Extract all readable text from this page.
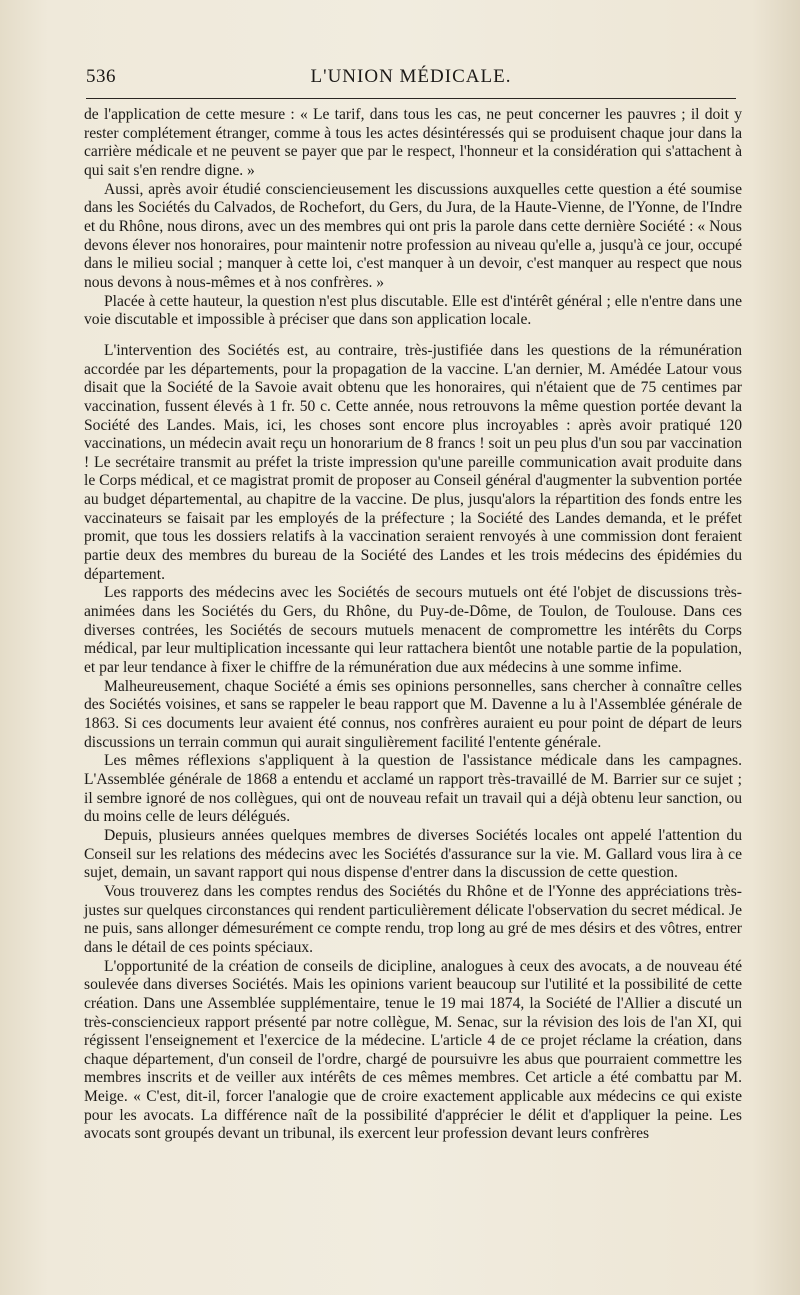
536	L'UNION MÉDICALE.

de l'application de cette mesure : « Le tarif, dans tous les cas, ne peut concerner les pauvres ; il doit y rester complétement étranger, comme à tous les actes désintéressés qui se produisent chaque jour dans la carrière médicale et ne peuvent se payer que par le respect, l'honneur et la considération qui s'attachent à qui sait s'en rendre digne. »

Aussi, après avoir étudié consciencieusement les discussions auxquelles cette question a été soumise dans les Sociétés du Calvados, de Rochefort, du Gers, du Jura, de la Haute-Vienne, de l'Yonne, de l'Indre et du Rhône, nous dirons, avec un des membres qui ont pris la parole dans cette dernière Société : « Nous devons élever nos honoraires, pour maintenir notre profession au niveau qu'elle a, jusqu'à ce jour, occupé dans le milieu social ; manquer à cette loi, c'est manquer à un devoir, c'est manquer au respect que nous nous devons à nous-mêmes et à nos confrères. »

Placée à cette hauteur, la question n'est plus discutable. Elle est d'intérêt général ; elle n'entre dans une voie discutable et impossible à préciser que dans son application locale.

L'intervention des Sociétés est, au contraire, très-justifiée dans les questions de la rémunération accordée par les départements, pour la propagation de la vaccine. L'an dernier, M. Amédée Latour vous disait que la Société de la Savoie avait obtenu que les honoraires, qui n'étaient que de 75 centimes par vaccination, fussent élevés à 1 fr. 50 c. Cette année, nous retrouvons la même question portée devant la Société des Landes. Mais, ici, les choses sont encore plus incroyables : après avoir pratiqué 120 vaccinations, un médecin avait reçu un honorarium de 8 francs ! soit un peu plus d'un sou par vaccination ! Le secrétaire transmit au préfet la triste impression qu'une pareille communication avait produite dans le Corps médical, et ce magistrat promit de proposer au Conseil général d'augmenter la subvention portée au budget départemental, au chapitre de la vaccine. De plus, jusqu'alors la répartition des fonds entre les vaccinateurs se faisait par les employés de la préfecture ; la Société des Landes demanda, et le préfet promit, que tous les dossiers relatifs à la vaccination seraient renvoyés à une commission dont feraient partie deux des membres du bureau de la Société des Landes et les trois médecins des épidémies du département.

Les rapports des médecins avec les Sociétés de secours mutuels ont été l'objet de discussions très-animées dans les Sociétés du Gers, du Rhône, du Puy-de-Dôme, de Toulon, de Toulouse. Dans ces diverses contrées, les Sociétés de secours mutuels menacent de compromettre les intérêts du Corps médical, par leur multiplication incessante qui leur rattachera bientôt une notable partie de la population, et par leur tendance à fixer le chiffre de la rémunération due aux médecins à une somme infime.

Malheureusement, chaque Société a émis ses opinions personnelles, sans chercher à connaître celles des Sociétés voisines, et sans se rappeler le beau rapport que M. Davenne a lu à l'Assemblée générale de 1863. Si ces documents leur avaient été connus, nos confrères auraient eu pour point de départ de leurs discussions un terrain commun qui aurait singulièrement facilité l'entente générale.

Les mêmes réflexions s'appliquent à la question de l'assistance médicale dans les campagnes. L'Assemblée générale de 1868 a entendu et acclamé un rapport très-travaillé de M. Barrier sur ce sujet ; il sembre ignoré de nos collègues, qui ont de nouveau refait un travail qui a déjà obtenu leur sanction, ou du moins celle de leurs délégués.

Depuis, plusieurs années quelques membres de diverses Sociétés locales ont appelé l'attention du Conseil sur les relations des médecins avec les Sociétés d'assurance sur la vie. M. Gallard vous lira à ce sujet, demain, un savant rapport qui nous dispense d'entrer dans la discussion de cette question.

Vous trouverez dans les comptes rendus des Sociétés du Rhône et de l'Yonne des appréciations très-justes sur quelques circonstances qui rendent particulièrement délicate l'observation du secret médical. Je ne puis, sans allonger démesurément ce compte rendu, trop long au gré de mes désirs et des vôtres, entrer dans le détail de ces points spéciaux.

L'opportunité de la création de conseils de dicipline, analogues à ceux des avocats, a de nouveau été soulevée dans diverses Sociétés. Mais les opinions varient beaucoup sur l'utilité et la possibilité de cette création. Dans une Assemblée supplémentaire, tenue le 19 mai 1874, la Société de l'Allier a discuté un très-consciencieux rapport présenté par notre collègue, M. Senac, sur la révision des lois de l'an XI, qui régissent l'enseignement et l'exercice de la médecine. L'article 4 de ce projet réclame la création, dans chaque département, d'un conseil de l'ordre, chargé de poursuivre les abus que pourraient commettre les membres inscrits et de veiller aux intérêts de ces mêmes membres. Cet article a été combattu par M. Meige. « C'est, dit-il, forcer l'analogie que de croire exactement applicable aux médecins ce qui existe pour les avocats. La différence naît de la possibilité d'apprécier le délit et d'appliquer la peine. Les avocats sont groupés devant un tribunal, ils exercent leur profession devant leurs confrères
